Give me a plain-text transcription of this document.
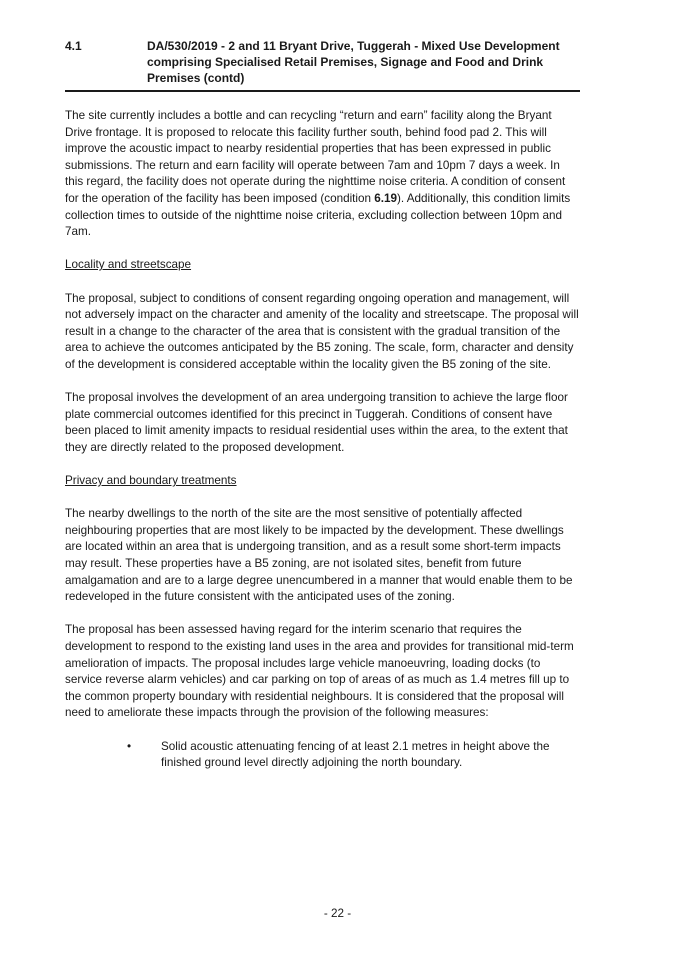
4.1	DA/530/2019 - 2 and 11 Bryant Drive, Tuggerah - Mixed Use Development comprising Specialised Retail Premises, Signage and Food and Drink Premises (contd)

The site currently includes a bottle and can recycling “return and earn” facility along the Bryant Drive frontage. It is proposed to relocate this facility further south, behind food pad 2. This will improve the acoustic impact to nearby residential properties that has been expressed in public submissions. The return and earn facility will operate between 7am and 10pm 7 days a week. In this regard, the facility does not operate during the nighttime noise criteria. A condition of consent for the operation of the facility has been imposed (condition 6.19). Additionally, this condition limits collection times to outside of the nighttime noise criteria, excluding collection between 10pm and 7am.

Locality and streetscape

The proposal, subject to conditions of consent regarding ongoing operation and management, will not adversely impact on the character and amenity of the locality and streetscape. The proposal will result in a change to the character of the area that is consistent with the gradual transition of the area to achieve the outcomes anticipated by the B5 zoning. The scale, form, character and density of the development is considered acceptable within the locality given the B5 zoning of the site.

The proposal involves the development of an area undergoing transition to achieve the large floor plate commercial outcomes identified for this precinct in Tuggerah. Conditions of consent have been placed to limit amenity impacts to residual residential uses within the area, to the extent that they are directly related to the proposed development.

Privacy and boundary treatments

The nearby dwellings to the north of the site are the most sensitive of potentially affected neighbouring properties that are most likely to be impacted by the development. These dwellings are located within an area that is undergoing transition, and as a result some short-term impacts may result. These properties have a B5 zoning, are not isolated sites, benefit from future amalgamation and are to a large degree unencumbered in a manner that would enable them to be redeveloped in the future consistent with the anticipated uses of the zoning.

The proposal has been assessed having regard for the interim scenario that requires the development to respond to the existing land uses in the area and provides for transitional mid-term amelioration of impacts. The proposal includes large vehicle manoeuvring, loading docks (to service reverse alarm vehicles) and car parking on top of areas of as much as 1.4 metres fill up to the common property boundary with residential neighbours. It is considered that the proposal will need to ameliorate these impacts through the provision of the following measures:

•	Solid acoustic attenuating fencing of at least 2.1 metres in height above the finished ground level directly adjoining the north boundary.
- 22 -
